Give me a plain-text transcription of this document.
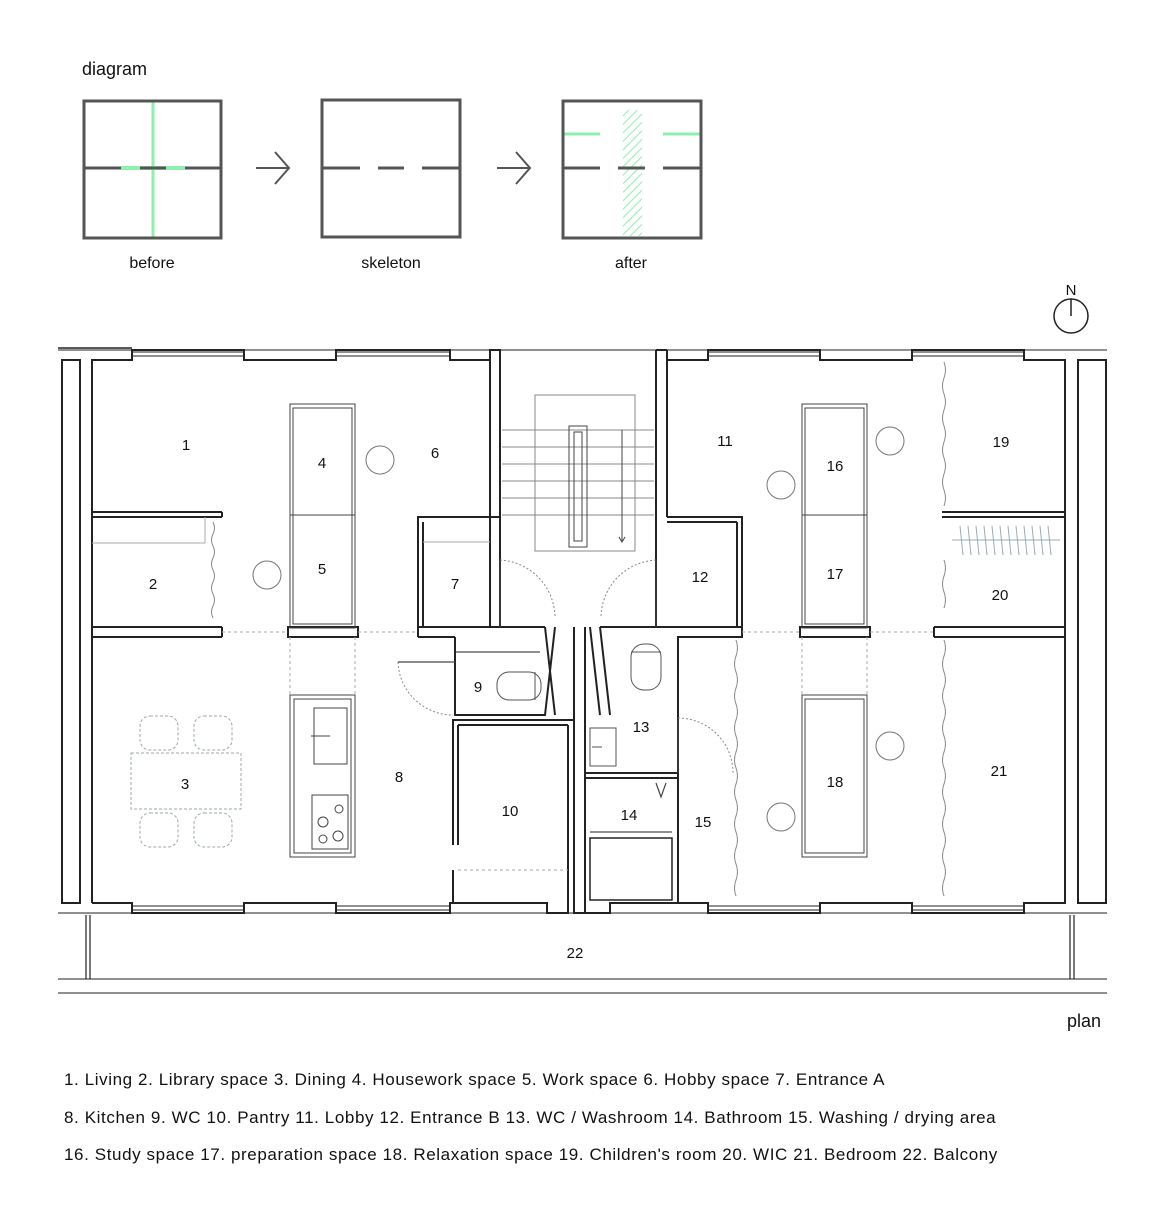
diagram
before	skeleton	after
N
1
2
3
4
5
6
7
8
9
10
11
12
13
14	15
16
17
18
19
20
21
22
plan
1. Living 2. Library space 3. Dining 4. Housework space 5. Work space 6. Hobby space 7. Entrance A
8. Kitchen 9. WC 10. Pantry 11. Lobby 12. Entrance B 13. WC / Washroom 14. Bathroom 15. Washing / drying area
16. Study space 17. preparation space 18. Relaxation space 19. Children's room 20. WIC 21. Bedroom 22. Balcony
